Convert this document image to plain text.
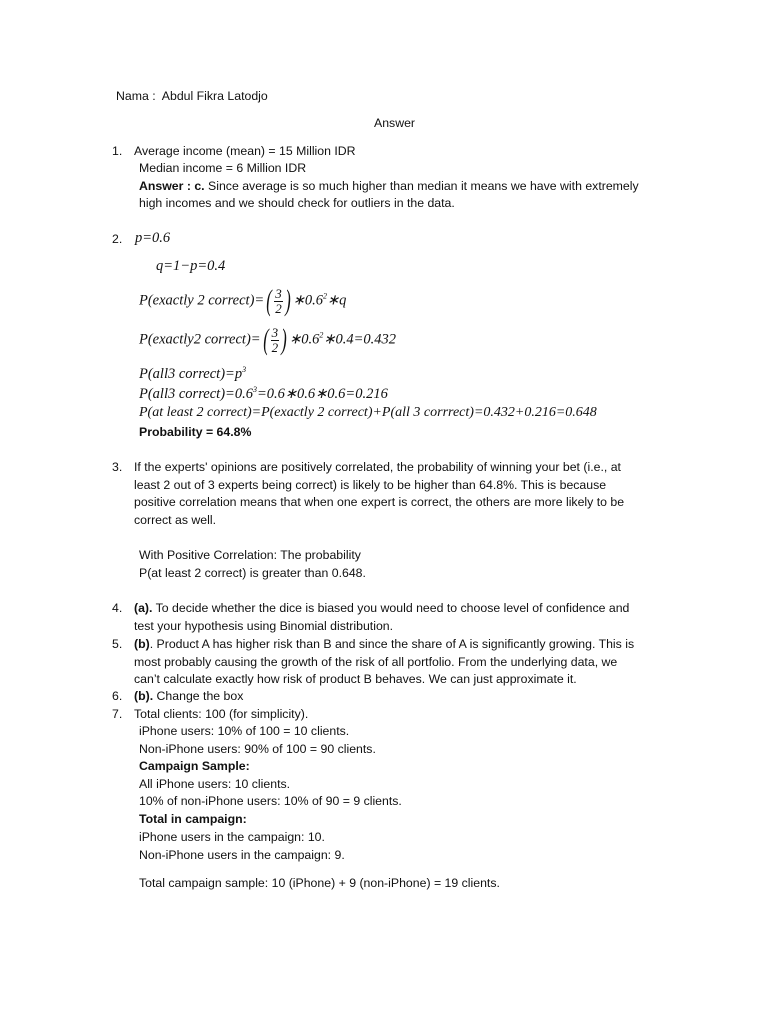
Nama : Abdul Fikra Latodjo
Answer
1. Average income (mean) = 15 Million IDR
Median income = 6 Million IDR
Answer : c. Since average is so much higher than median it means we have with extremely
high incomes and we should check for outliers in the data.
2. p=0.6
q=1−p=0.4
P(exactly 2 correct)= ( 3
2 ) $∗0.6^2∗q$
P(exactly2 correct)= ( 3
2 ) $∗0.6^2∗0.4=0.432$
P(all3 $correct)=p^3$
P(all3 $correct)=0.6^3=0.6∗0.6∗0.6=0.216$
P(at least 2 correct)=P(exactly 2 correct)+P(all 3 corrrect)=0.432+0.216=0.648
Probability = 64.8%
3. If the experts' opinions are positively correlated, the probability of winning your bet (i.e., at
least 2 out of 3 experts being correct) is likely to be higher than 64.8%. This is because
positive correlation means that when one expert is correct, the others are more likely to be
correct as well.
With Positive Correlation: The probability
P(at least 2 correct) is greater than 0.648.
4. (a). To decide whether the dice is biased you would need to choose level of confidence and
test your hypothesis using Binomial distribution.
5. (b). Product A has higher risk than B and since the share of A is significantly growing. This is
most probably causing the growth of the risk of all portfolio. From the underlying data, we
can’t calculate exactly how risk of product B behaves. We can just approximate it.
6. (b). Change the box
7. Total clients: 100 (for simplicity).
iPhone users: 10% of 100 = 10 clients.
Non-iPhone users: 90% of 100 = 90 clients.
Campaign Sample:
All iPhone users: 10 clients.
10% of non-iPhone users: 10% of 90 = 9 clients.
Total in campaign:
iPhone users in the campaign: 10.
Non-iPhone users in the campaign: 9.
Total campaign sample: 10 (iPhone) + 9 (non-iPhone) = 19 clients.
